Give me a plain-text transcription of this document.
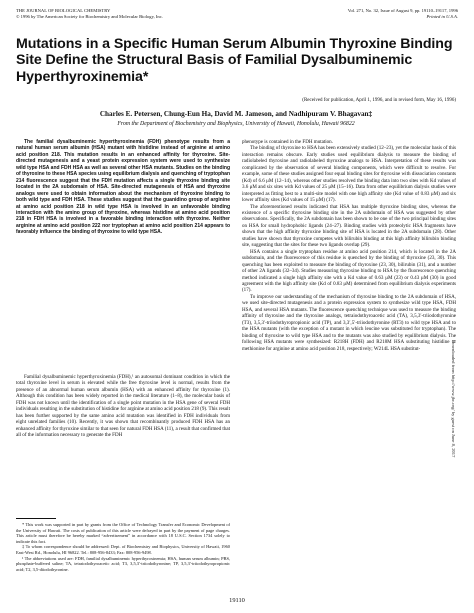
THE JOURNAL OF BIOLOGICAL CHEMISTRY
© 1996 by The American Society for Biochemistry and Molecular Biology, Inc.
Vol. 271, No. 32, Issue of August 9, pp. 19110–19117, 1996
Printed in U.S.A.
Mutations in a Specific Human Serum Albumin Thyroxine Binding Site Define the Structural Basis of Familial Dysalbuminemic Hyperthyroxinemia*
(Received for publication, April 1, 1996, and in revised form, May 16, 1996)
Charles E. Petersen, Chung-Eun Ha, David M. Jameson, and Nadhipuram V. Bhagavan‡
From the Department of Biochemistry and Biophysics, University of Hawaii, Honolulu, Hawaii 96822

The familial dysalbuminemic hyperthyroxinemia (FDH) phenotype results from a natural human serum albumin (HSA) mutant with histidine instead of arginine at amino acid position 218. This mutation results in an enhanced affinity for thyroxine. Site-directed mutagenesis and a yeast protein expression system were used to synthesize wild type HSA and FDH HSA as well as several other HSA mutants. Studies on the binding of thyroxine to these HSA species using equilibrium dialysis and quenching of tryptophan 214 fluorescence suggest that the FDH mutation affects a single thyroxine binding site located in the 2A subdomain of HSA. Site-directed mutagenesis of HSA and thyroxine analogs were used to obtain information about the mechanism of thyroxine binding to both wild type and FDH HSA. These studies suggest that the guanidino group of arginine at amino acid position 218 in wild type HSA is involved in an unfavorable binding interaction with the amino group of thyroxine, whereas histidine at amino acid position 218 in FDH HSA is involved in a favorable binding interaction with thyroxine. Neither arginine at amino acid position 222 nor tryptophan at amino acid position 214 appears to favorably influence the binding of thyroxine to wild type HSA.

Familial dysalbuminemic hyperthyroxinemia (FDH),¹ an autosomal dominant condition in which the total thyroxine level in serum is elevated while the free thyroxine level is normal, results from the presence of an abnormal human serum albumin (HSA) with an enhanced affinity for thyroxine (1). Although this condition has been widely reported in the medical literature (1–8), the molecular basis of FDH was not known until the identification of a single point mutation in the HSA gene of several FDH individuals resulting in the substitution of histidine for arginine at amino acid position 218 (9). This result has been further supported by the same amino acid mutation was identified in FDH individuals from eight unrelated families (10). Recently, it was shown that recombinantly produced FDH HSA has an enhanced affinity for thyroxine similar to that seen for natural FDH HSA (11), a result that confirmed that all of the information necessary to generate the FDH

* This work was supported in part by grants from the Office of Technology Transfer and Economic Development of the University of Hawaii. The costs of publication of this article were defrayed in part by the payment of page charges. This article must therefore be hereby marked “advertisement” in accordance with 18 U.S.C. Section 1734 solely to indicate this fact.

‡ To whom correspondence should be addressed: Dept. of Biochemistry and Biophysics, University of Hawaii, 1960 East-West Rd., Honolulu, HI 96822. Tel.: 808-956-8433; Fax: 808-956-9498.

¹ The abbreviations used are: FDH, familial dysalbuminemic hyperthyroxinemia; HSA, human serum albumin; PBS, phosphate-buffered saline; TA, tetraiodothyroacetic acid; T3, 3,5,3′-triiodothyronine; TP, 3,5,3′-triiodothyropropionic acid; T2, 3,5-diiodothyronine.

phenotype is contained in the FDH mutation.

The binding of thyroxine to HSA has been extensively studied (12–23), yet the molecular basis of this interaction remains obscure. Early studies used equilibrium dialysis to measure the binding of radiolabeled thyroxine and radiolabeled thyroxine analogs to HSA. Interpretation of these results was complicated by the observation of several binding components, which were difficult to resolve. For example, some of these studies assigned four equal binding sites for thyroxine with dissociation constants (Kd) of 6.6 μM (12–14), whereas other studies resolved the binding data into two sites with Kd values of 3.6 μM and six sites with Kd values of 25 μM (15–16). Data from other equilibrium dialysis studies were interpreted as fitting best to a multi-site model with one high affinity site (Kd value of 0.83 μM) and six lower affinity sites (Kd values of 15 μM) (17).

The aforementioned results indicated that HSA has multiple thyroxine binding sites, whereas the existence of a specific thyroxine binding site in the 2A subdomain of HSA was suggested by other observations. Specifically, the 2A subdomain has been shown to be one of the two principal binding sites on HSA for small hydrophobic ligands (24–27). Binding studies with proteolytic HSA fragments have shown that the high affinity thyroxine binding site of HSA is located in the 2A subdomain (28). Other studies have shown that thyroxine competes with bilirubin binding at this high affinity bilirubin binding site, suggesting that the sites for these two ligands overlap (29).

HSA contains a single tryptophan residue at amino acid position 214, which is located in the 2A subdomain, and the fluorescence of this residue is quenched by the binding of thyroxine (23, 30). This quenching has been exploited to measure the binding of thyroxine (23, 30), bilirubin (31), and a number of other 2A ligands (32–34). Studies measuring thyroxine binding to HSA by the fluorescence quenching method indicated a single high affinity site with a Kd value of 0.63 μM (23) or 0.43 μM (30) in good agreement with the high affinity site (Kd of 0.83 μM) determined from equilibrium dialysis experiments (17).

To improve our understanding of the mechanism of thyroxine binding to the 2A subdomain of HSA, we used site-directed mutagenesis and a protein expression system to synthesize wild type HSA, FDH HSA, and several HSA mutants. The fluorescence quenching technique was used to measure the binding affinity of thyroxine and the thyroxine analogs, tetraiodothyroacetic acid (TA), 3,5,3′-triiodothyronine (T3), 3,5,3′-triiodothyropropionic acid (TP), and 3,3′,5′-triiodothyronine (RT3) to wild type HSA and to the HSA mutants (with the exception of a mutant in which leucine was substituted for tryptophan). The binding of thyroxine to wild type HSA and to the mutants was also studied by equilibrium dialysis. The following HSA mutants were synthesized: R218H (FDH) and R218M HSA substituting histidine or methionine for arginine at amino acid position 218, respectively; W214L HSA substitut-	Downloaded from http://www.jbc.org/ by guest on June 8, 2017
19110
